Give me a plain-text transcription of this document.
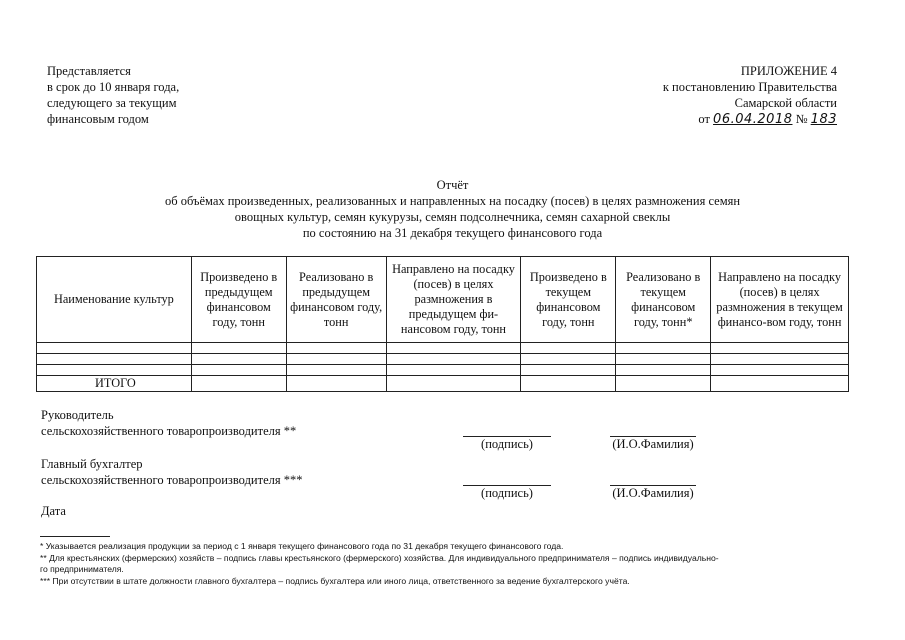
Представляется
в срок до 10 января года,
следующего за текущим
финансовым годом
ПРИЛОЖЕНИЕ 4
к постановлению Правительства
Самарской области
от 06.04.2018 № 183
Отчёт
об объёмах произведенных, реализованных и направленных на посадку (посев) в целях размножения семян
овощных культур, семян кукурузы, семян подсолнечника, семян сахарной свеклы
по состоянию на 31 декабря текущего финансового года
Наименование культур	Произведено в предыдущем финансовом году, тонн	Реализовано в предыдущем финансовом году, тонн	Направлено на посадку (посев) в целях размножения в предыдущем фи-нансовом году, тонн	Произведено в текущем финансовом году, тонн	Реализовано в текущем финансовом году, тонн*	Направлено на посадку (посев) в целях размножения в текущем финансо-вом году, тонн

ИТОГО						
Руководитель
сельскохозяйственного товаропроизводителя **
(подпись)	(И.О.Фамилия)
Главный бухгалтер
сельскохозяйственного товаропроизводителя ***
(подпись)	(И.О.Фамилия)
Дата
* Указывается реализация продукции за период с 1 января текущего финансового года по 31 декабря текущего финансового года.
** Для крестьянских (фермерских) хозяйств – подпись главы крестьянского (фермерского) хозяйства. Для индивидуального предпринимателя – подпись индивидуально-
го предпринимателя.
*** При отсутствии в штате должности главного бухгалтера – подпись бухгалтера или иного лица, ответственного за ведение бухгалтерского учёта.
